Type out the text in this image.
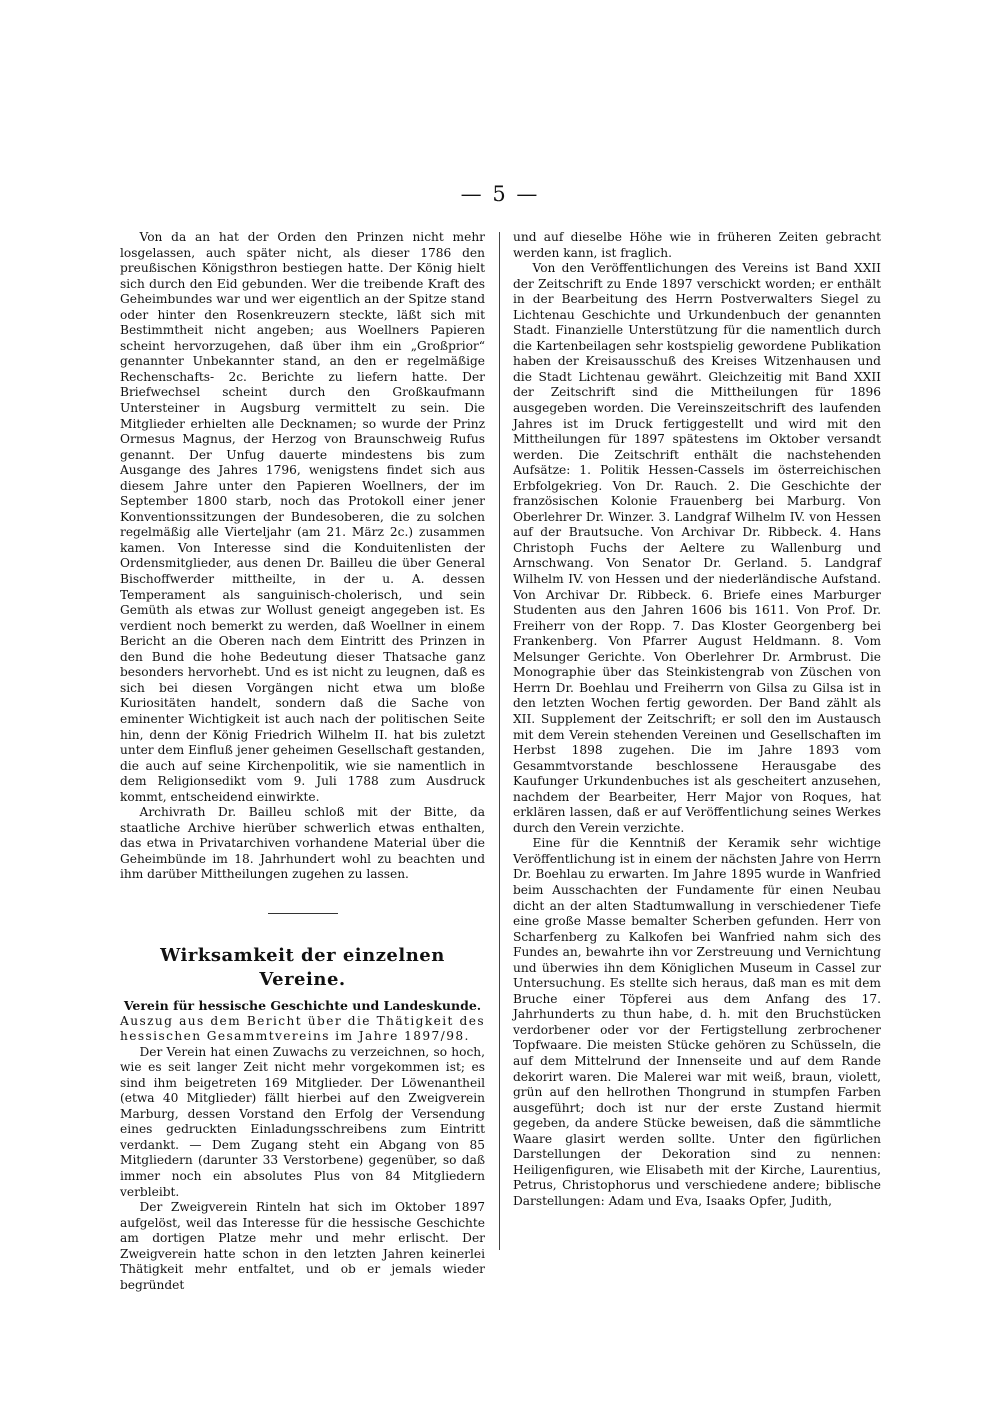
— 5 —

Von da an hat der Orden den Prinzen nicht mehr losgelassen, auch später nicht, als dieser 1786 den preußischen Königsthron bestiegen hatte. Der König hielt sich durch den Eid gebunden. Wer die treibende Kraft des Geheimbundes war und wer eigentlich an der Spitze stand oder hinter den Rosenkreuzern steckte, läßt sich mit Bestimmtheit nicht angeben; aus Woellners Papieren scheint hervorzugehen, daß über ihm ein „Großprior“ genannter Unbekannter stand, an den er regelmäßige Rechenschafts- 2c. Berichte zu liefern hatte. Der Briefwechsel scheint durch den Großkaufmann Untersteiner in Augsburg vermittelt zu sein. Die Mitglieder erhielten alle Decknamen; so wurde der Prinz Ormesus Magnus, der Herzog von Braunschweig Rufus genannt. Der Unfug dauerte mindestens bis zum Ausgange des Jahres 1796, wenigstens findet sich aus diesem Jahre unter den Papieren Woellners, der im September 1800 starb, noch das Protokoll einer jener Konventionssitzungen der Bundesoberen, die zu solchen regelmäßig alle Vierteljahr (am 21. März 2c.) zusammen kamen. Von Interesse sind die Konduitenlisten der Ordensmitglieder, aus denen Dr. Bailleu die über General Bischoffwerder mittheilte, in der u. A. dessen Temperament als sanguinisch-cholerisch, und sein Gemüth als etwas zur Wollust geneigt angegeben ist. Es verdient noch bemerkt zu werden, daß Woellner in einem Bericht an die Oberen nach dem Eintritt des Prinzen in den Bund die hohe Bedeutung dieser Thatsache ganz besonders hervorhebt. Und es ist nicht zu leugnen, daß es sich bei diesen Vorgängen nicht etwa um bloße Kuriositäten handelt, sondern daß die Sache von eminenter Wichtigkeit ist auch nach der politischen Seite hin, denn der König Friedrich Wilhelm II. hat bis zuletzt unter dem Einfluß jener geheimen Gesellschaft gestanden, die auch auf seine Kirchenpolitik, wie sie namentlich in dem Religionsedikt vom 9. Juli 1788 zum Ausdruck kommt, entscheidend einwirkte.

Archivrath Dr. Bailleu schloß mit der Bitte, da staatliche Archive hierüber schwerlich etwas enthalten, das etwa in Privatarchiven vorhandene Material über die Geheimbünde im 18. Jahrhundert wohl zu beachten und ihm darüber Mittheilungen zugehen zu lassen.

Wirksamkeit der einzelnen Vereine.
Verein für hessische Geschichte und Landeskunde.

Auszug aus dem Bericht über die Thätigkeit des hessischen Gesammtvereins im Jahre 1897/98.

Der Verein hat einen Zuwachs zu verzeichnen, so hoch, wie es seit langer Zeit nicht mehr vorgekommen ist; es sind ihm beigetreten 169 Mitglieder. Der Löwenantheil (etwa 40 Mitglieder) fällt hierbei auf den Zweigverein Marburg, dessen Vorstand den Erfolg der Versendung eines gedruckten Einladungsschreibens zum Eintritt verdankt. — Dem Zugang steht ein Abgang von 85 Mitgliedern (darunter 33 Verstorbene) gegenüber, so daß immer noch ein absolutes Plus von 84 Mitgliedern verbleibt.

Der Zweigverein Rinteln hat sich im Oktober 1897 aufgelöst, weil das Interesse für die hessische Geschichte am dortigen Platze mehr und mehr erlischt. Der Zweigverein hatte schon in den letzten Jahren keinerlei Thätigkeit mehr entfaltet, und ob er jemals wieder begründet

und auf dieselbe Höhe wie in früheren Zeiten gebracht werden kann, ist fraglich.

Von den Veröffentlichungen des Vereins ist Band XXII der Zeitschrift zu Ende 1897 verschickt worden; er enthält in der Bearbeitung des Herrn Postverwalters Siegel zu Lichtenau Geschichte und Urkundenbuch der genannten Stadt. Finanzielle Unterstützung für die namentlich durch die Kartenbeilagen sehr kostspielig gewordene Publikation haben der Kreisausschuß des Kreises Witzenhausen und die Stadt Lichtenau gewährt. Gleichzeitig mit Band XXII der Zeitschrift sind die Mittheilungen für 1896 ausgegeben worden. Die Vereinszeitschrift des laufenden Jahres ist im Druck fertiggestellt und wird mit den Mittheilungen für 1897 spätestens im Oktober versandt werden. Die Zeitschrift enthält die nachstehenden Aufsätze: 1. Politik Hessen-Cassels im österreichischen Erbfolgekrieg. Von Dr. Rauch. 2. Die Geschichte der französischen Kolonie Frauenberg bei Marburg. Von Oberlehrer Dr. Winzer. 3. Landgraf Wilhelm IV. von Hessen auf der Brautsuche. Von Archivar Dr. Ribbeck. 4. Hans Christoph Fuchs der Aeltere zu Wallenburg und Arnschwang. Von Senator Dr. Gerland. 5. Landgraf Wilhelm IV. von Hessen und der niederländische Aufstand. Von Archivar Dr. Ribbeck. 6. Briefe eines Marburger Studenten aus den Jahren 1606 bis 1611. Von Prof. Dr. Freiherr von der Ropp. 7. Das Kloster Georgenberg bei Frankenberg. Von Pfarrer August Heldmann. 8. Vom Melsunger Gerichte. Von Oberlehrer Dr. Armbrust. Die Monographie über das Steinkistengrab von Züschen von Herrn Dr. Boehlau und Freiherrn von Gilsa zu Gilsa ist in den letzten Wochen fertig geworden. Der Band zählt als XII. Supplement der Zeitschrift; er soll den im Austausch mit dem Verein stehenden Vereinen und Gesellschaften im Herbst 1898 zugehen. Die im Jahre 1893 vom Gesammtvorstande beschlossene Herausgabe des Kaufunger Urkundenbuches ist als gescheitert anzusehen, nachdem der Bearbeiter, Herr Major von Roques, hat erklären lassen, daß er auf Veröffentlichung seines Werkes durch den Verein verzichte.

Eine für die Kenntniß der Keramik sehr wichtige Veröffentlichung ist in einem der nächsten Jahre von Herrn Dr. Boehlau zu erwarten. Im Jahre 1895 wurde in Wanfried beim Ausschachten der Fundamente für einen Neubau dicht an der alten Stadtumwallung in verschiedener Tiefe eine große Masse bemalter Scherben gefunden. Herr von Scharfenberg zu Kalkofen bei Wanfried nahm sich des Fundes an, bewahrte ihn vor Zerstreuung und Vernichtung und überwies ihn dem Königlichen Museum in Cassel zur Untersuchung. Es stellte sich heraus, daß man es mit dem Bruche einer Töpferei aus dem Anfang des 17. Jahrhunderts zu thun habe, d. h. mit den Bruchstücken verdorbener oder vor der Fertigstellung zerbrochener Topfwaare. Die meisten Stücke gehören zu Schüsseln, die auf dem Mittelrund der Innenseite und auf dem Rande dekorirt waren. Die Malerei war mit weiß, braun, violett, grün auf den hellrothen Thongrund in stumpfen Farben ausgeführt; doch ist nur der erste Zustand hiermit gegeben, da andere Stücke beweisen, daß die sämmtliche Waare glasirt werden sollte. Unter den figürlichen Darstellungen der Dekoration sind zu nennen: Heiligenfiguren, wie Elisabeth mit der Kirche, Laurentius, Petrus, Christophorus und verschiedene andere; biblische Darstellungen: Adam und Eva, Isaaks Opfer, Judith,
